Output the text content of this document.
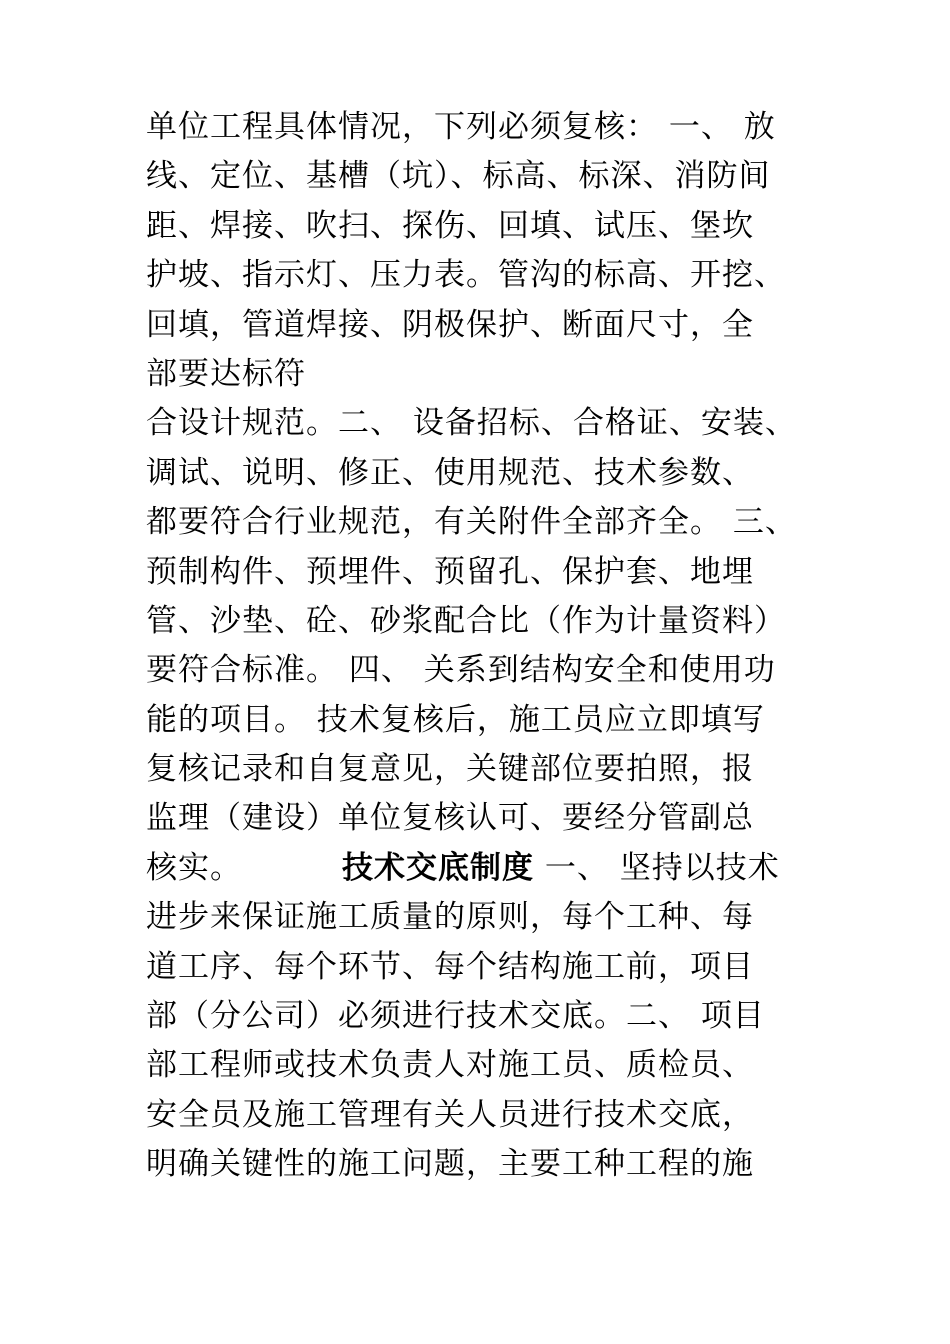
单位工程具体情况，下列必须复核： 一、 放
线、定位、基槽（坑）、标高、标深、消防间
距、焊接、吹扫、探伤、回填、试压、堡坎
护坡、指示灯、压力表。管沟的标高、开挖、
回填，管道焊接、阴极保护、断面尺寸，全
部要达标符
合设计规范。二、 设备招标、合格证、安装、
调试、说明、修正、使用规范、技术参数、
都要符合行业规范，有关附件全部齐全。 三、
预制构件、预埋件、预留孔、保护套、地埋
管、沙垫、砼、砂浆配合比（作为计量资料）
要符合标准。 四、 关系到结构安全和使用功
能的项目。 技术复核后，施工员应立即填写
复核记录和自复意见，关键部位要拍照，报
监理（建设）单位复核认可、要经分管副总
核实。	技术交底制度 一、 坚持以技术
进步来保证施工质量的原则，每个工种、每
道工序、每个环节、每个结构施工前，项目
部（分公司）必须进行技术交底。二、 项目
部工程师或技术负责人对施工员、质检员、
安全员及施工管理有关人员进行技术交底，
明确关键性的施工问题，主要工种工程的施
